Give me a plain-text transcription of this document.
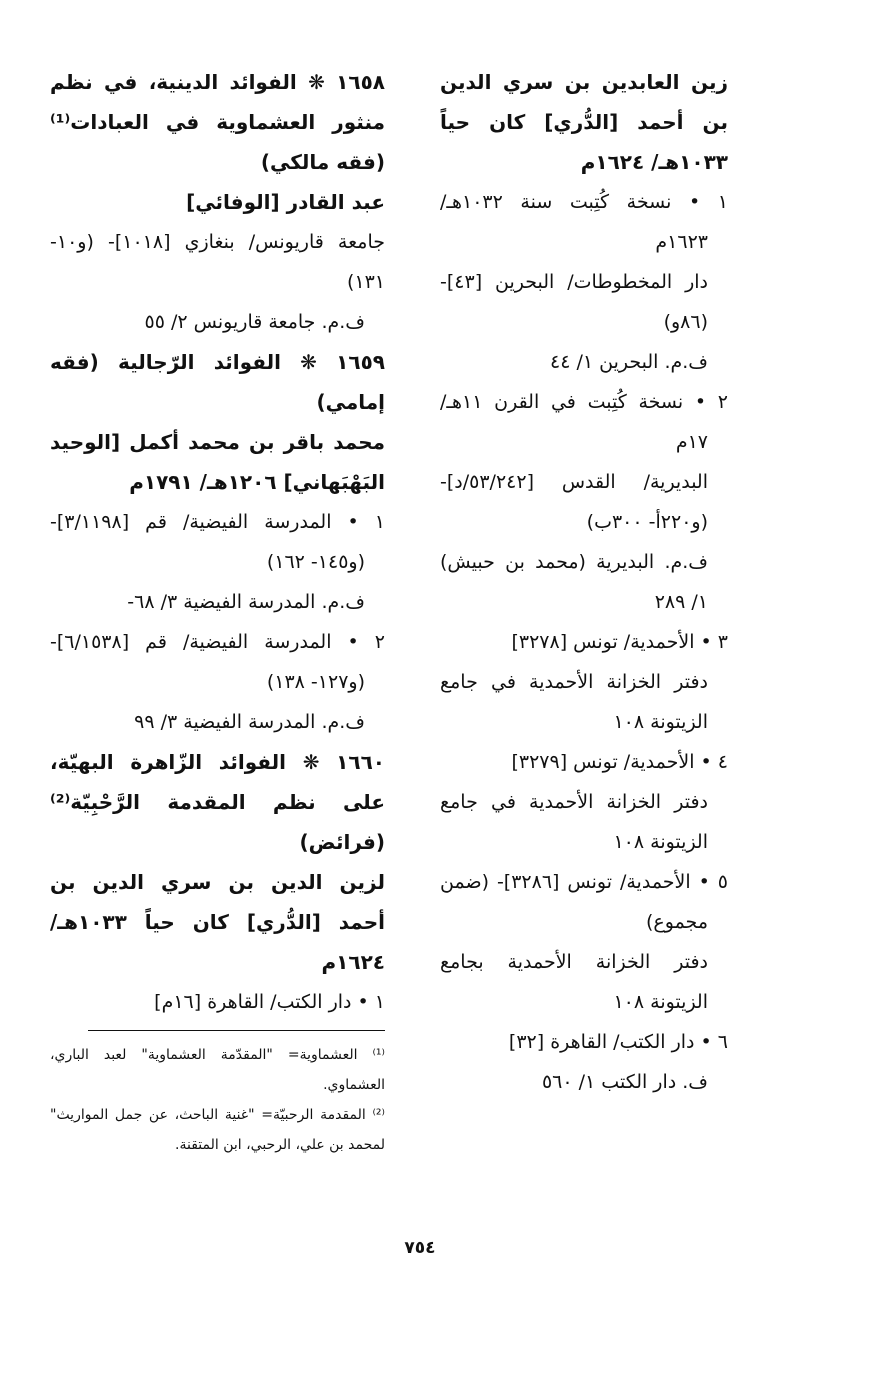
زين العابدين بن سري الدين بن أحمد [الدُّري] كان حياً ١٠٣٣هـ/ ١٦٢٤م

١ • نسخة كُتِبت سنة ١٠٣٢هـ/ ١٦٢٣م

دار المخطوطات/ البحرين [٤٣]- (٨٦و)

ف.م. البحرين ١/ ٤٤

٢ • نسخة كُتِبت في القرن ١١هـ/ ١٧م

البديرية/ القدس [٥٣/٢٤٢/د]- (و٢٢٠أ- ٣٠٠ب)

ف.م. البديرية (محمد بن حبيش) ١/ ٢٨٩

٣ • الأحمدية/ تونس [٣٢٧٨]

دفتر الخزانة الأحمدية في جامع الزيتونة ١٠٨

٤ • الأحمدية/ تونس [٣٢٧٩]

دفتر الخزانة الأحمدية في جامع الزيتونة ١٠٨

٥ • الأحمدية/ تونس [٣٢٨٦]- (ضمن مجموع)

دفتر الخزانة الأحمدية بجامع الزيتونة ١٠٨

٦ • دار الكتب/ القاهرة [٣٢]

ف. دار الكتب ١/ ٥٦٠

١٦٥٨ ❋ الفوائد الدينية، في نظم منثور العشماوية في العبادات⁽¹⁾ (فقه مالكي)

عبد القادر [الوفائي]

جامعة قاريونس/ بنغازي [١٠١٨]- (و١٠- ١٣١)

ف.م. جامعة قاريونس ٢/ ٥٥

١٦٥٩ ❋ الفوائد الرّجالية (فقه إمامي)

محمد باقر بن محمد أكمل [الوحيد البَهْبَهاني] ١٢٠٦هـ/ ١٧٩١م

١ • المدرسة الفيضية/ قم [٣/١١٩٨]- (و١٤٥- ١٦٢)

ف.م. المدرسة الفيضية ٣/ ٦٨-

٢ • المدرسة الفيضية/ قم [٦/١٥٣٨]- (و١٢٧- ١٣٨)

ف.م. المدرسة الفيضية ٣/ ٩٩

١٦٦٠ ❋ الفوائد الزّاهرة البهيّة، على نظم المقدمة الرَّحْبِيّة⁽²⁾ (فرائض)

لزين الدين بن سري الدين بن أحمد [الدُّري] كان حياً ١٠٣٣هـ/ ١٦٢٤م

١ • دار الكتب/ القاهرة [١٦م]

⁽¹⁾ العشماوية= "المقدّمة العشماوية" لعبد الباري، العشماوي.

⁽²⁾ المقدمة الرحبيّة= "غنية الباحث، عن جمل المواريث" لمحمد بن علي، الرحبي، ابن المتقنة.

٧٥٤
